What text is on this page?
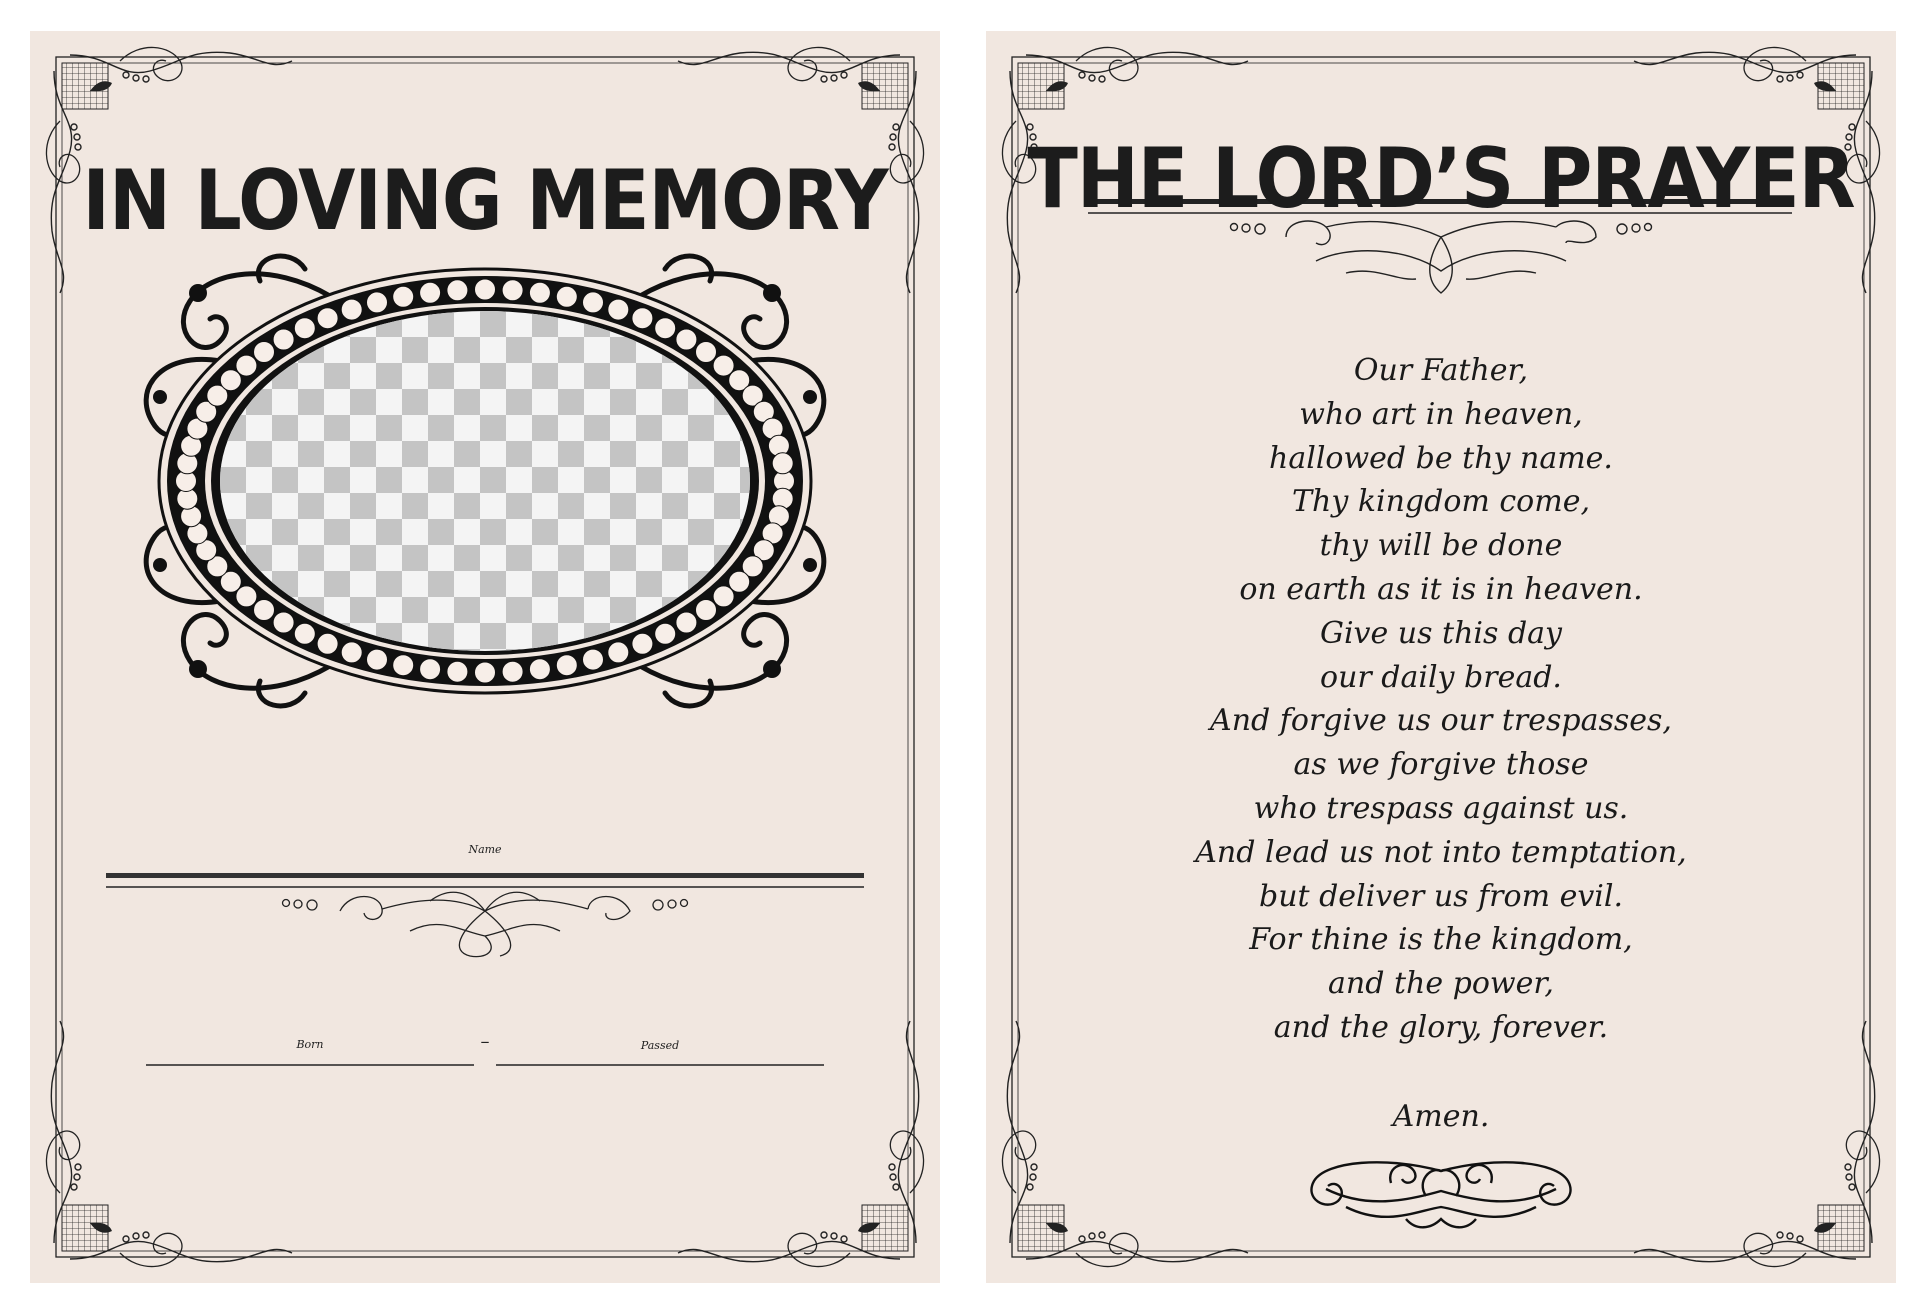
IN LOVING MEMORY
Name
–
Born	Passed
THE LORD’S PRAYER
Our Father,
who art in heaven,
hallowed be thy name.
Thy kingdom come,
thy will be done
on earth as it is in heaven.
Give us this day
our daily bread.
And forgive us our trespasses,
as we forgive those
who trespass against us.
And lead us not into temptation,
but deliver us from evil.
For thine is the kingdom,
and the power,
and the glory, forever.
Amen.
